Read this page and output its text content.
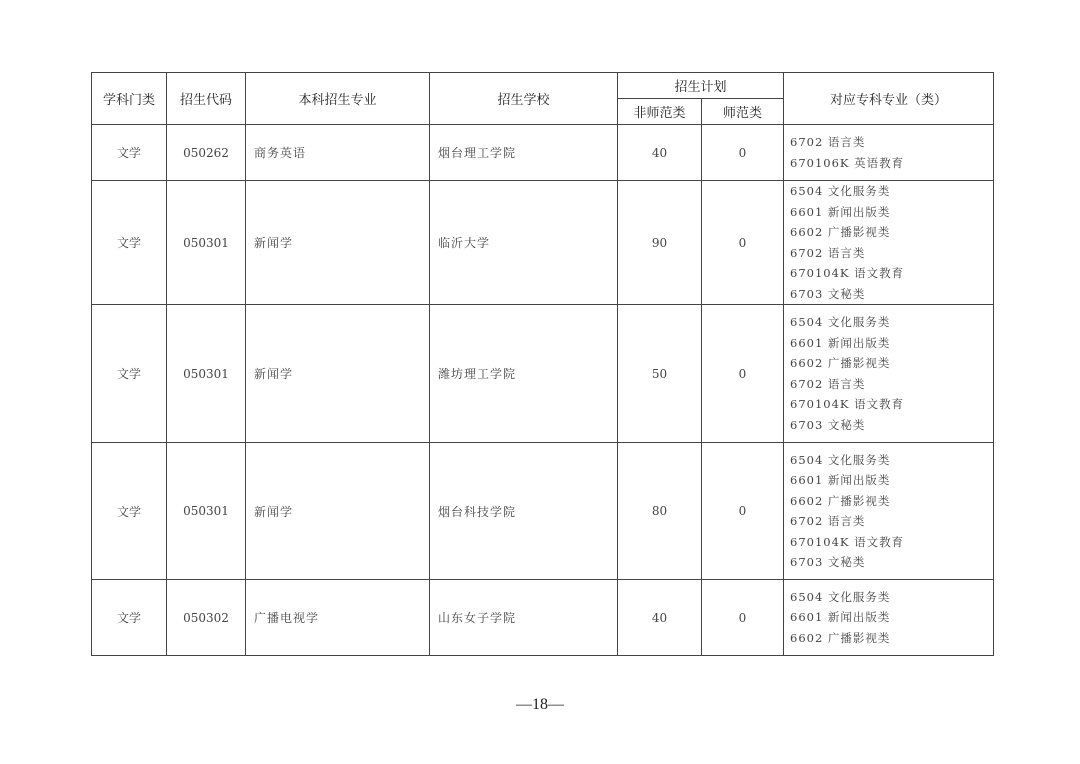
学科门类	招生代码	本科招生专业	招生学校	招生计划		对应专科专业（类）
				非师范类	师范类	
文学	050262	商务英语	烟台理工学院	40	0	6702 语言类
670106K 英语教育

文学	050301	新闻学	临沂大学	90	0	
6504 文化服务类
6601 新闻出版类
6602 广播影视类
6702 语言类
670104K 语文教育
6703 文秘类

文学	050301	新闻学	潍坊理工学院	50	0	
6504 文化服务类
6601 新闻出版类
6602 广播影视类
6702 语言类
670104K 语文教育
6703 文秘类

文学	050301	新闻学	烟台科技学院	80	0	
6504 文化服务类
6601 新闻出版类
6602 广播影视类
6702 语言类
670104K 语文教育
6703 文秘类

文学	050302	广播电视学	山东女子学院	40	0	6504 文化服务类
6601 新闻出版类
6602 广播影视类
—18—
